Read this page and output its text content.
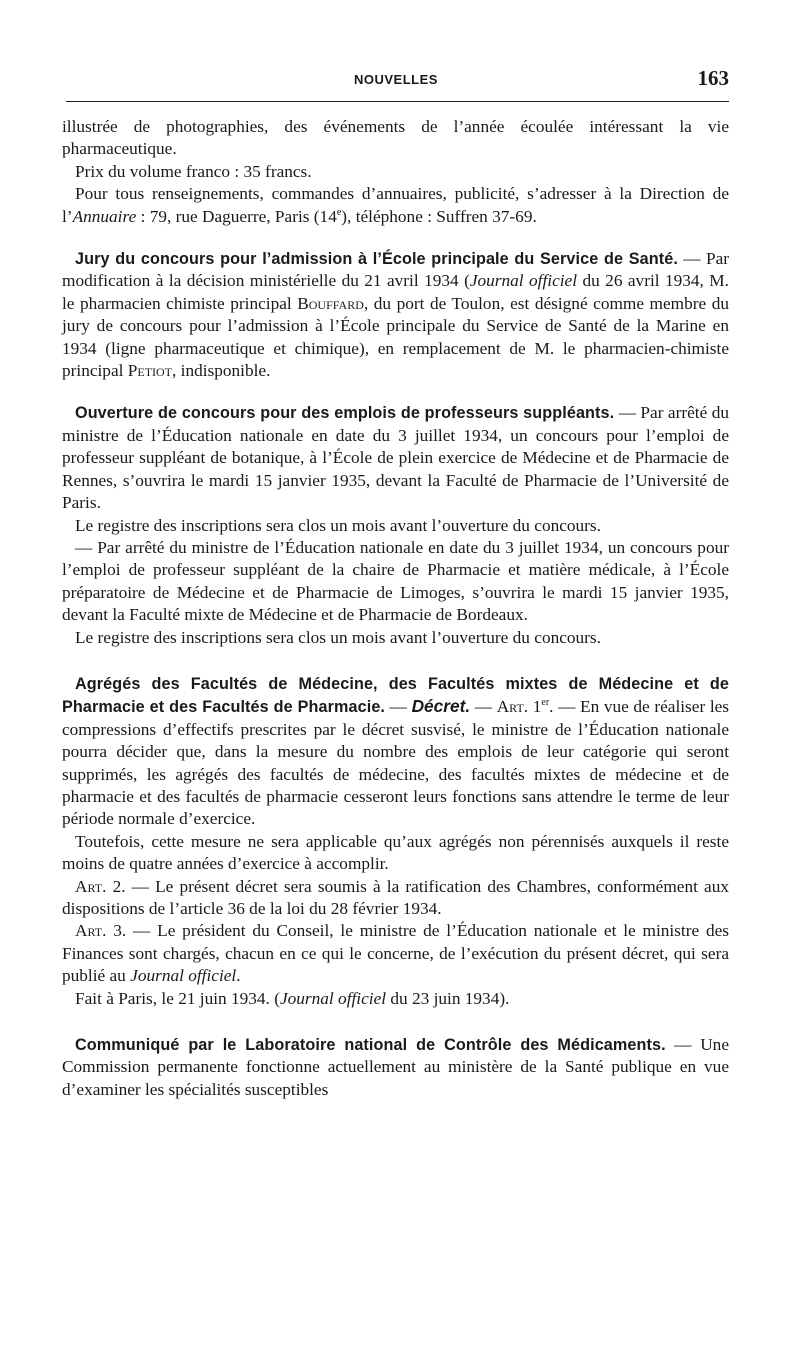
NOUVELLES	163

illustrée de photographies, des événements de l’année écoulée intéressant la vie pharmaceutique.

Prix du volume franco : 35 francs.

Pour tous renseignements, commandes d’annuaires, publicité, s’adresser à la Direction de l’Annuaire : 79, rue Daguerre, Paris (14e), téléphone : Suffren 37-69.

Jury du concours pour l’admission à l’École principale du Service de Santé. — Par modification à la décision ministérielle du 21 avril 1934 (Journal officiel du 26 avril 1934, M. le pharmacien chimiste principal Bouffard, du port de Toulon, est désigné comme membre du jury de concours pour l’admission à l’École principale du Service de Santé de la Marine en 1934 (ligne pharmaceutique et chimique), en remplacement de M. le pharmacien-chimiste principal Petiot, indisponible.

Ouverture de concours pour des emplois de professeurs suppléants. — Par arrêté du ministre de l’Éducation nationale en date du 3 juillet 1934, un concours pour l’emploi de professeur suppléant de botanique, à l’École de plein exercice de Médecine et de Pharmacie de Rennes, s’ouvrira le mardi 15 janvier 1935, devant la Faculté de Pharmacie de l’Université de Paris.

Le registre des inscriptions sera clos un mois avant l’ouverture du concours.

— Par arrêté du ministre de l’Éducation nationale en date du 3 juillet 1934, un concours pour l’emploi de professeur suppléant de la chaire de Pharmacie et matière médicale, à l’École préparatoire de Médecine et de Pharmacie de Limoges, s’ouvrira le mardi 15 janvier 1935, devant la Faculté mixte de Médecine et de Pharmacie de Bordeaux.

Le registre des inscriptions sera clos un mois avant l’ouverture du concours.

Agrégés des Facultés de Médecine, des Facultés mixtes de Médecine et de Pharmacie et des Facultés de Pharmacie. — Décret. — Art. 1er. — En vue de réaliser les compressions d’effectifs prescrites par le décret susvisé, le ministre de l’Éducation nationale pourra décider que, dans la mesure du nombre des emplois de leur catégorie qui seront supprimés, les agrégés des facultés de médecine, des facultés mixtes de médecine et de pharmacie et des facultés de pharmacie cesseront leurs fonctions sans attendre le terme de leur période normale d’exercice.

Toutefois, cette mesure ne sera applicable qu’aux agrégés non pérennisés auxquels il reste moins de quatre années d’exercice à accomplir.

Art. 2. — Le présent décret sera soumis à la ratification des Chambres, conformément aux dispositions de l’article 36 de la loi du 28 février 1934.

Art. 3. — Le président du Conseil, le ministre de l’Éducation nationale et le ministre des Finances sont chargés, chacun en ce qui le concerne, de l’exécution du présent décret, qui sera publié au Journal officiel.

Fait à Paris, le 21 juin 1934. (Journal officiel du 23 juin 1934).

Communiqué par le Laboratoire national de Contrôle des Médicaments. — Une Commission permanente fonctionne actuellement au ministère de la Santé publique en vue d’examiner les spécialités susceptibles
